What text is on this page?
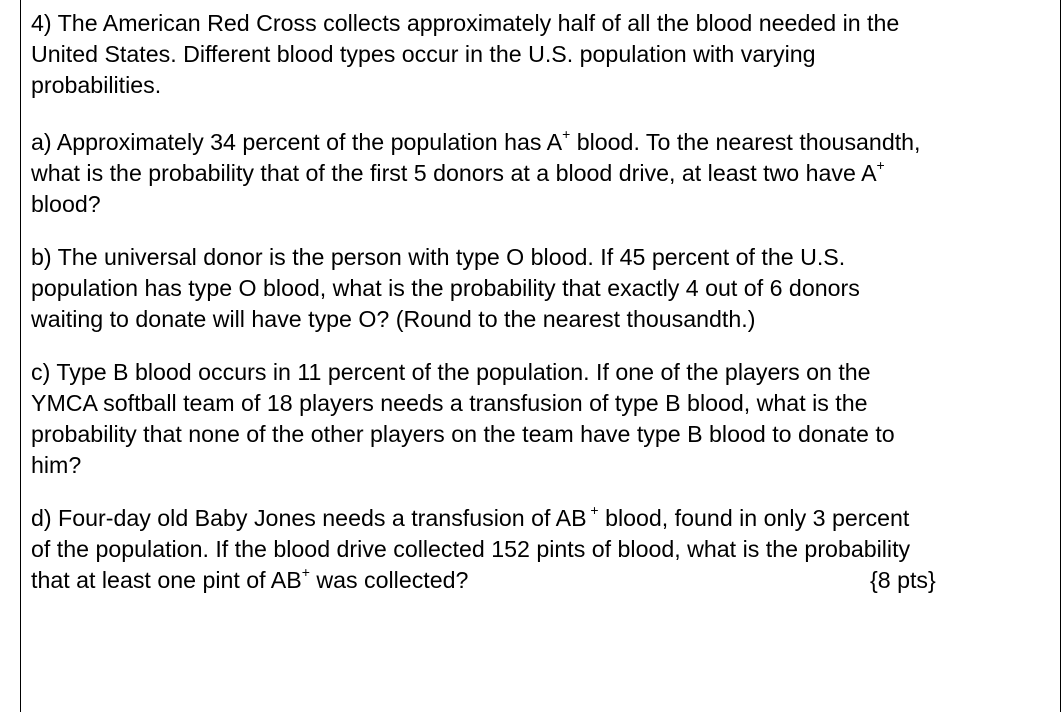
4) The American Red Cross collects approximately half of all the blood needed in the
United States. Different blood types occur in the U.S. population with varying
probabilities.
a) Approximately 34 percent of the population has A+ blood. To the nearest thousandth,
what is the probability that of the first 5 donors at a blood drive, at least two have A+
blood?
b) The universal donor is the person with type O blood. If 45 percent of the U.S.
population has type O blood, what is the probability that exactly 4 out of 6 donors
waiting to donate will have type O? (Round to the nearest thousandth.)
c) Type B blood occurs in 11 percent of the population. If one of the players on the
YMCA softball team of 18 players needs a transfusion of type B blood, what is the
probability that none of the other players on the team have type B blood to donate to
him?
d) Four-day old Baby Jones needs a transfusion of AB + blood, found in only 3 percent
of the population. If the blood drive collected 152 pints of blood, what is the probability
that at least one pint of AB+ was collected?	{8 pts}
